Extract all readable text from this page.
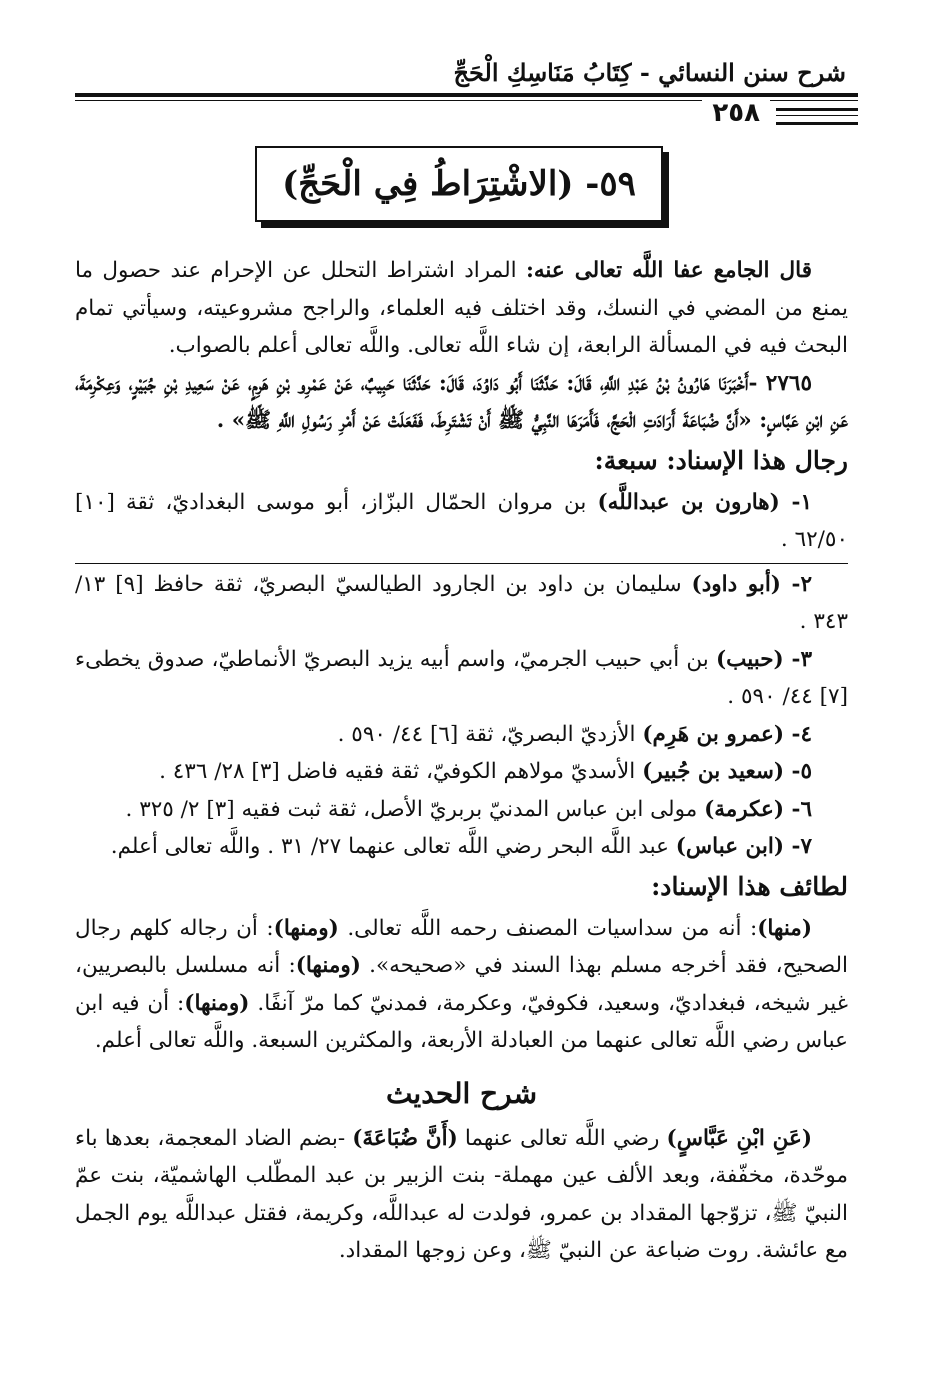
شرح سنن النسائي - كِتَابُ مَنَاسِكِ الْحَجِّ
٢٥٨
٥٩- (الاشْتِرَاطُ فِي الْحَجِّ)

قال الجامع عفا اللَّه تعالى عنه: المراد اشتراط التحلل عن الإحرام عند حصول ما يمنع من المضي في النسك، وقد اختلف فيه العلماء، والراجح مشروعيته، وسيأتي تمام البحث فيه في المسألة الرابعة، إن شاء اللَّه تعالى. واللَّه تعالى أعلم بالصواب.

٢٧٦٥ -أَخْبَرَنَا هَارُونُ بْنُ عَبْدِ اللَّهِ، قَالَ: حَدَّثَنَا أَبُو دَاوُدَ، قَالَ: حَدَّثَنَا حَبِيبٌ، عَنْ عَمْرِو بْنِ هَرِمٍ، عَنْ سَعِيدِ بْنِ جُبَيْرٍ، وَعِكْرِمَةَ، عَنِ ابْنِ عَبَّاسٍ: «أَنَّ ضُبَاعَةَ أَرَادَتِ الْحَجَّ، فَأَمَرَهَا النَّبِيُّ ﷺ أَنْ تَشْتَرِطَ، فَفَعَلَتْ عَنْ أَمْرِ رَسُولِ اللَّهِ ﷺ» .

رجال هذا الإسناد: سبعة:

١- (هارون بن عبداللَّه) بن مروان الحمّال البزّاز، أبو موسى البغداديّ، ثقة [١٠] ٦٢/٥٠ .

٢- (أبو داود) سليمان بن داود بن الجارود الطيالسيّ البصريّ، ثقة حافظ [٩] ١٣/ ٣٤٣ .

٣- (حبيب) بن أبي حبيب الجرميّ، واسم أبيه يزيد البصريّ الأنماطيّ، صدوق يخطىء [٧] ٤٤/ ٥٩٠ .

٤- (عمرو بن هَرِم) الأزديّ البصريّ، ثقة [٦] ٤٤/ ٥٩٠ .

٥- (سعيد بن جُبير) الأسديّ مولاهم الكوفيّ، ثقة فقيه فاضل [٣] ٢٨/ ٤٣٦ .

٦- (عكرمة) مولى ابن عباس المدنيّ بربريّ الأصل، ثقة ثبت فقيه [٣] ٢/ ٣٢٥ .

٧- (ابن عباس) عبد اللَّه البحر رضي اللَّه تعالى عنهما ٢٧/ ٣١ . واللَّه تعالى أعلم.

لطائف هذا الإسناد:

(منها): أنه من سداسيات المصنف رحمه اللَّه تعالى. (ومنها): أن رجاله كلهم رجال الصحيح، فقد أخرجه مسلم بهذا السند في «صحيحه». (ومنها): أنه مسلسل بالبصريين، غير شيخه، فبغداديّ، وسعيد، فكوفيّ، وعكرمة، فمدنيّ كما مرّ آنفًا. (ومنها): أن فيه ابن عباس رضي اللَّه تعالى عنهما من العبادلة الأربعة، والمكثرين السبعة. واللَّه تعالى أعلم.

شرح الحديث

(عَنِ ابْنِ عَبَّاسٍ) رضي اللَّه تعالى عنهما (أَنَّ ضُبَاعَةَ) -بضم الضاد المعجمة، بعدها باء موحّدة، مخفّفة، وبعد الألف عين مهملة- بنت الزبير بن عبد المطّلب الهاشميّة، بنت عمّ النبيّ ﷺ، تزوّجها المقداد بن عمرو، فولدت له عبداللَّه، وكريمة، فقتل عبداللَّه يوم الجمل مع عائشة. روت ضباعة عن النبيّ ﷺ، وعن زوجها المقداد.
